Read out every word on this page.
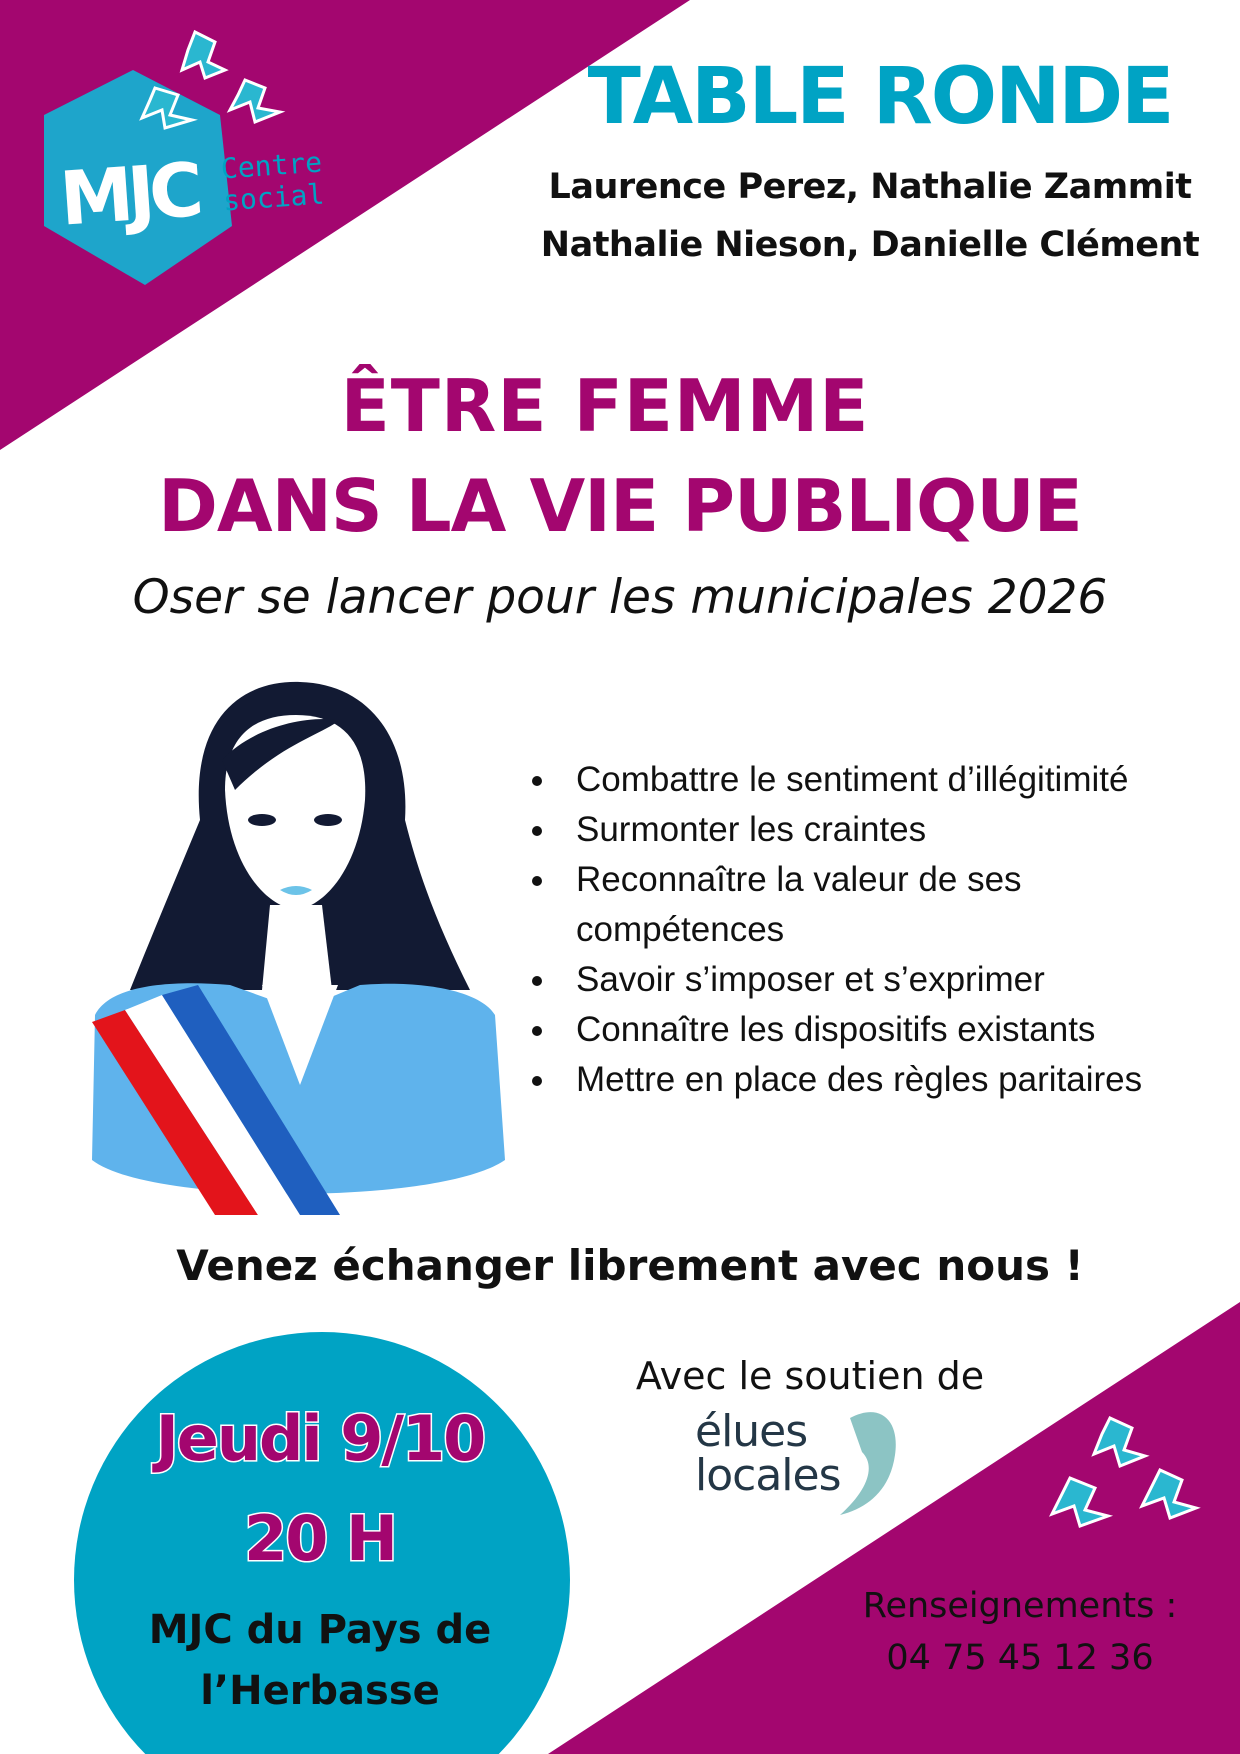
MJC Centre
social
TABLE RONDE
Laurence Perez, Nathalie Zammit
Nathalie Nieson, Danielle Clément
ÊTRE FEMME
DANS LA VIE PUBLIQUE

Oser se lancer pour les municipales 2026

Combattre le sentiment d’illégitimité
Surmonter les craintes
Reconnaître la valeur de ses compétences
Savoir s’imposer et s’exprimer
Connaître les dispositifs existants
Mettre en place des règles paritaires

Venez échanger librement avec nous !

Jeudi 9/10
20 H
MJC du Pays de
l’Herbasse

Avec le soutien de

élues
locales
Renseignements :
04 75 45 12 36
